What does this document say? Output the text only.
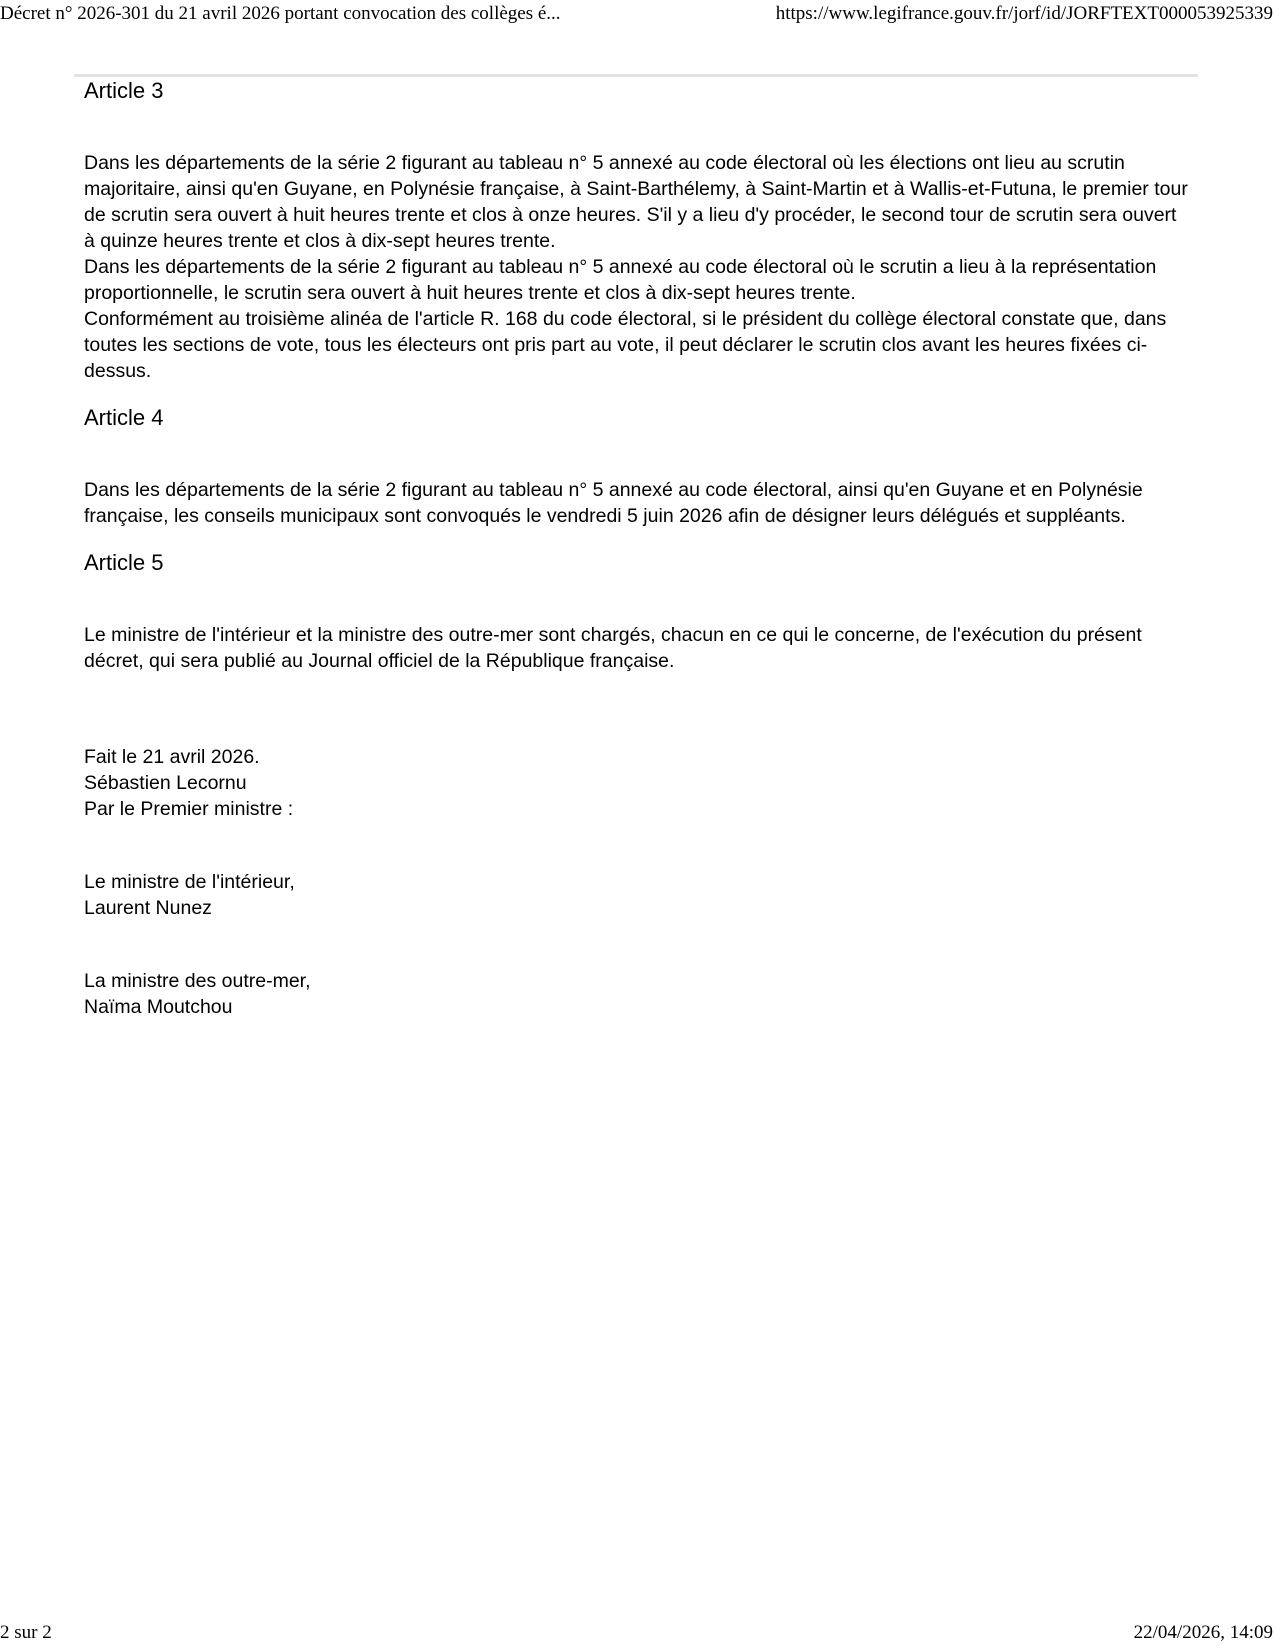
Décret n° 2026-301 du 21 avril 2026 portant convocation des collèges é...	https://www.legifrance.gouv.fr/jorf/id/JORFTEXT000053925339
Article 3

Dans les départements de la série 2 figurant au tableau n° 5 annexé au code électoral où les élections ont lieu au scrutin majoritaire, ainsi qu'en Guyane, en Polynésie française, à Saint-Barthélemy, à Saint-Martin et à Wallis-et-Futuna, le premier tour de scrutin sera ouvert à huit heures trente et clos à onze heures. S'il y a lieu d'y procéder, le second tour de scrutin sera ouvert à quinze heures trente et clos à dix-sept heures trente.

Dans les départements de la série 2 figurant au tableau n° 5 annexé au code électoral où le scrutin a lieu à la représentation proportionnelle, le scrutin sera ouvert à huit heures trente et clos à dix-sept heures trente.

Conformément au troisième alinéa de l'article R. 168 du code électoral, si le président du collège électoral constate que, dans toutes les sections de vote, tous les électeurs ont pris part au vote, il peut déclarer le scrutin clos avant les heures fixées ci-dessus.

Article 4

Dans les départements de la série 2 figurant au tableau n° 5 annexé au code électoral, ainsi qu'en Guyane et en Polynésie française, les conseils municipaux sont convoqués le vendredi 5 juin 2026 afin de désigner leurs délégués et suppléants.

Article 5

Le ministre de l'intérieur et la ministre des outre-mer sont chargés, chacun en ce qui le concerne, de l'exécution du présent décret, qui sera publié au Journal officiel de la République française.

Fait le 21 avril 2026.

Sébastien Lecornu

Par le Premier ministre :

Le ministre de l'intérieur,

Laurent Nunez

La ministre des outre-mer,

Naïma Moutchou

2 sur 2	22/04/2026, 14:09
